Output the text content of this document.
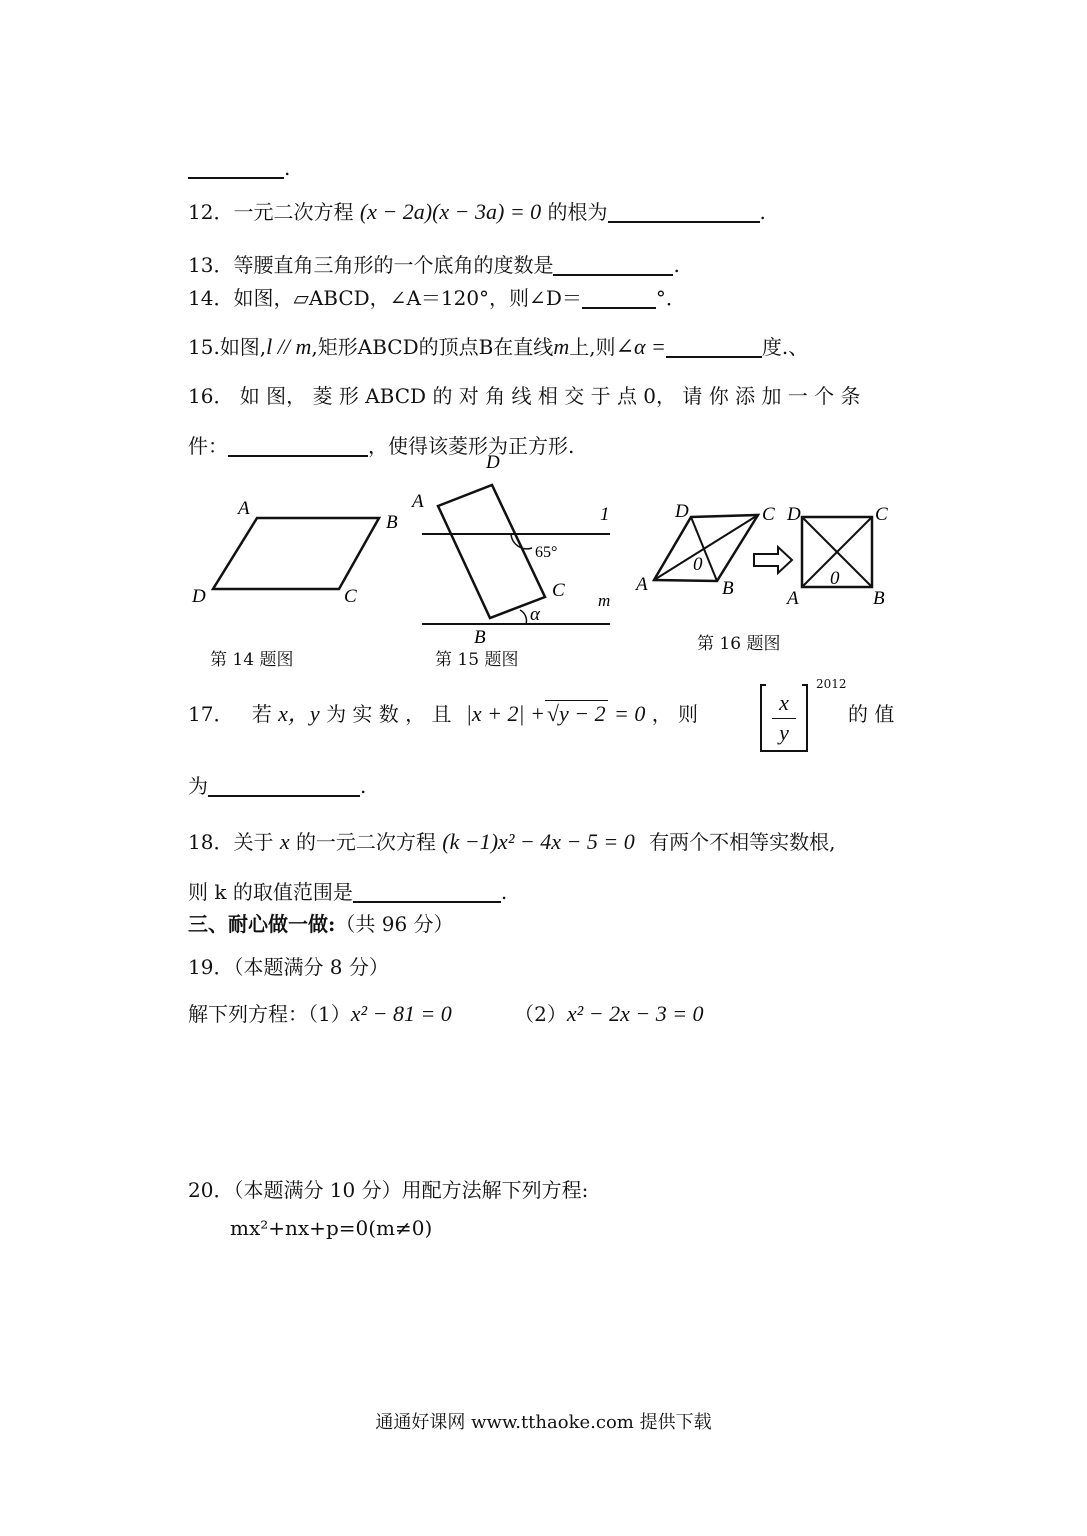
.
12．一元二次方程 (x − 2a)(x − 3a) = 0 的根为	.
13．等腰直角三角形的一个底角的度数是	.
14．如图，▱ABCD，∠A＝120°，则∠D＝	°．
15.如图,l // m,矩形ABCD的顶点B在直线m上,则∠α =	度.、
16． 如 图， 菱 形 ABCD 的 对 角 线 相 交 于 点 0， 请 你 添 加 一 个 条
件：	，使得该菱形为正方形.
A
B
C
D
A
D
C
B
1
m
65°
α
D	C
A	B
0
D	C
A	B
0
第 14 题图	第 15 题图
第 16 题图
17． 若 x，y 为 实 数 ， 且 |x + 2| +√y − 2 = 0 ， 则	x
y
2012
的 值
为	.
18．关于 x 的一元二次方程 (k −1)x² − 4x − 5 = 0 有两个不相等实数根,
则 k 的取值范围是	.
三、耐心做一做:（共 96 分）
19．（本题满分 8 分）
解下列方程：（1）x² − 81 = 0	（2）x² − 2x − 3 = 0
20．（本题满分 10 分）用配方法解下列方程:
mx²+nx+p=0(m≠0)
通通好课网 www.tthaoke.com 提供下载
